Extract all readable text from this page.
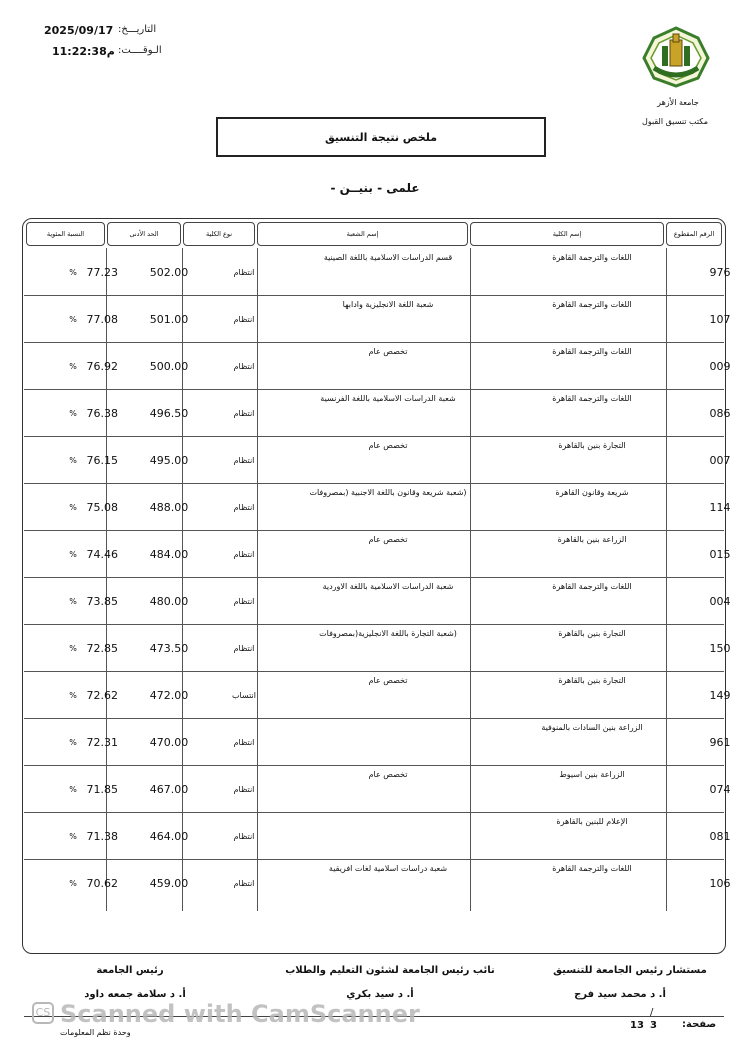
2025/09/17 التاريـــخ:
11:22:38م الـوقــــت:
جامعة الأزهر
مكتب تنسيق القبول
ملخص نتيجة التنسيق
- علمى - بنيــن
الرقم المقطوع
إسم الكلية
إسم الشعبة
نوع الكلية
الحد الأدنى
النسبة المئوية
976
اللغات والترجمة القاهرة
قسم الدراسات الاسلامية باللغة الصينية
انتظام
502.00
77.23
%
107
اللغات والترجمة القاهرة
شعبة اللغة الانجليزية وادابها
انتظام
501.00
77.08
%
009
اللغات والترجمة القاهرة
تخصص عام
انتظام
500.00
76.92
%
086
اللغات والترجمة القاهرة
شعبة الدراسات الاسلامية باللغة الفرنسية
انتظام
496.50
76.38
%
007
التجارة بنين بالقاهرة
تخصص عام
انتظام
495.00
76.15
%
114
شريعة وقانون القاهرة
(شعبة شريعة وقانون باللغة الاجنبية (بمصروفات
انتظام
488.00
75.08
%
015
الزراعة بنين بالقاهرة
تخصص عام
انتظام
484.00
74.46
%
004
اللغات والترجمة القاهرة
شعبة الدراسات الاسلامية باللغة الاوردية
انتظام
480.00
73.85
%
150
التجارة بنين بالقاهرة
(شعبة التجارة باللغة الانجليزية(بمصروفات
انتظام
473.50
72.85
%
149
التجارة بنين بالقاهرة
تخصص عام
انتساب
472.00
72.62
%
961
الزراعة بنين السادات بالمنوفية
انتظام
470.00
72.31
%
074
الزراعة بنين اسيوط
تخصص عام
انتظام
467.00
71.85
%
081
الإعلام للبنين بالقاهرة
انتظام
464.00
71.38
%
106
اللغات والترجمة القاهرة
شعبة دراسات اسلامية لغات افريقية
انتظام
459.00
70.62
%
مستشار رئيس الجامعة للتنسيق
أ. د محمد سيد فرج
نائب رئيس الجامعة لشئون التعليم والطلاب
أ. د سيد بكري
رئيس الجامعة
أ. د سلامة جمعه داود
/
صفحة:
3
13
وحدة نظم المعلومات
CS Scanned with CamScanner
